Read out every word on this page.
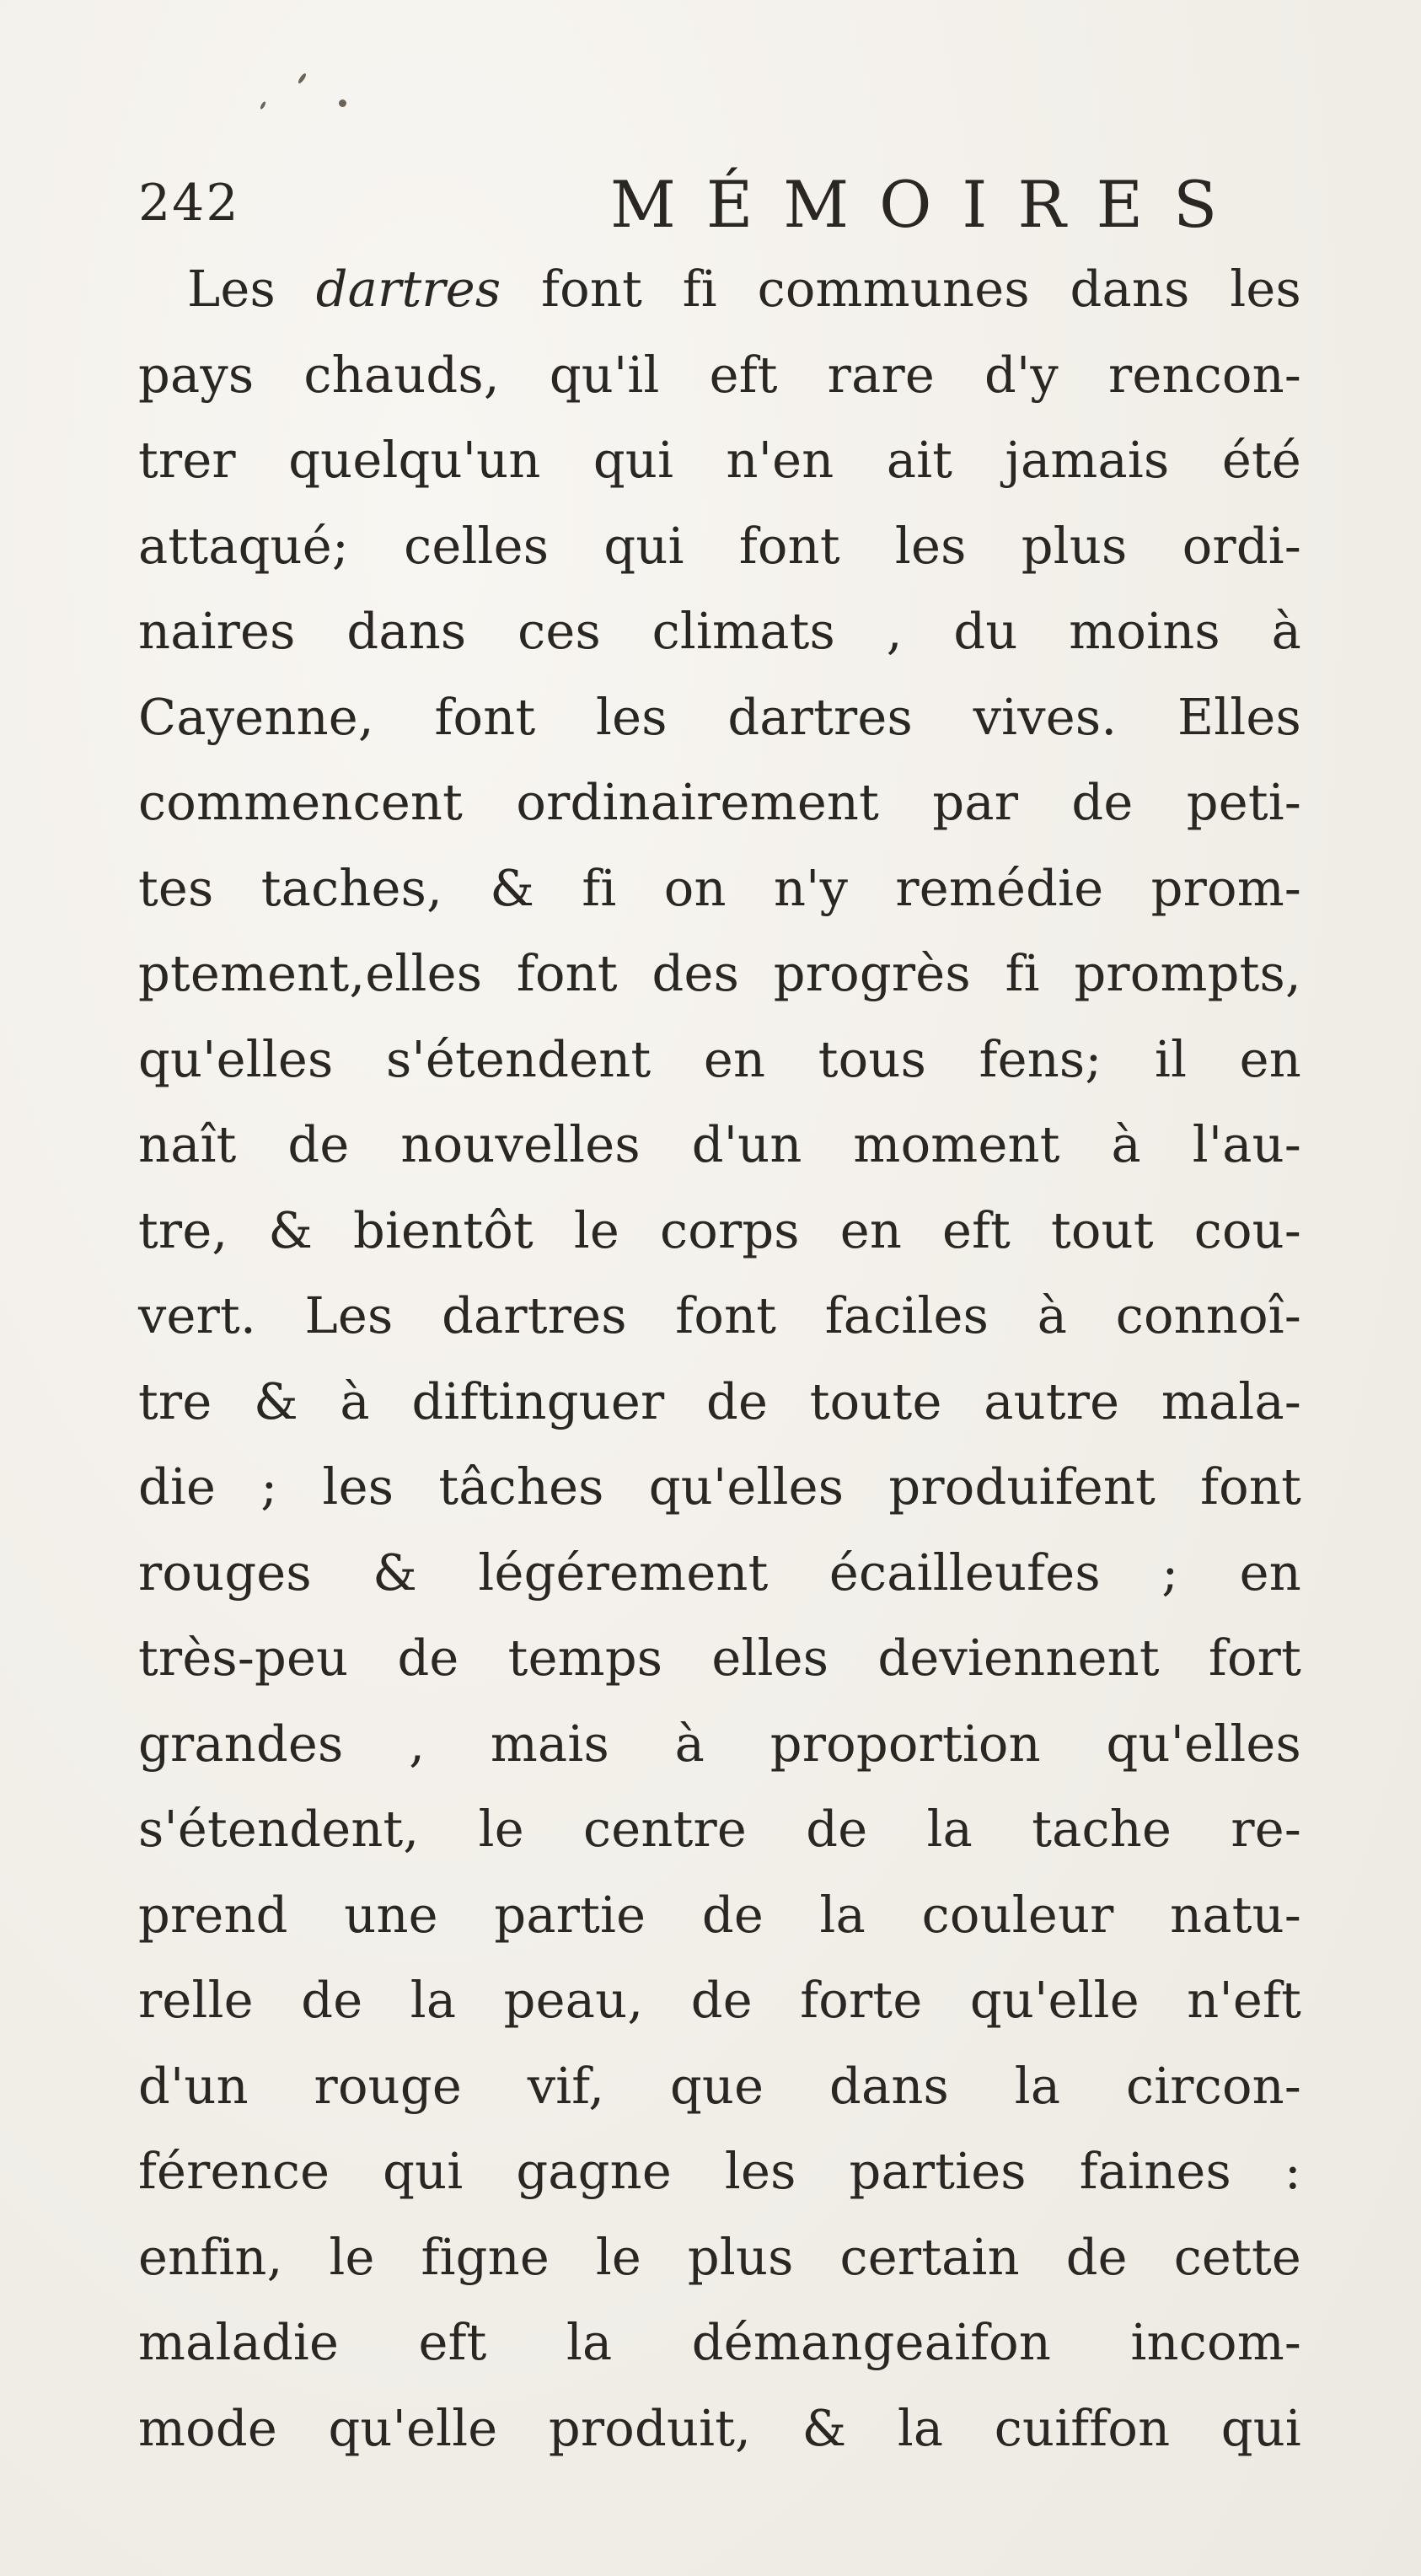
242	MÉMOIRES
Les dartres font fi communes dans les
pays chauds, qu'il eft rare d'y rencon-
trer quelqu'un qui n'en ait jamais été
attaqué; celles qui font les plus ordi-
naires dans ces climats , du moins à
Cayenne, font les dartres vives. Elles
commencent ordinairement par de peti-
tes taches, & fi on n'y remédie prom-
ptement,elles font des progrès fi prompts,
qu'elles s'étendent en tous fens; il en
naît de nouvelles d'un moment à l'au-
tre, & bientôt le corps en eft tout cou-
vert. Les dartres font faciles à connoî-
tre & à diftinguer de toute autre mala-
die ; les tâches qu'elles produifent font
rouges & légérement écailleufes ; en
très-peu de temps elles deviennent fort
grandes , mais à proportion qu'elles
s'étendent, le centre de la tache re-
prend une partie de la couleur natu-
relle de la peau, de forte qu'elle n'eft
d'un rouge vif, que dans la circon-
férence qui gagne les parties faines :
enfin, le figne le plus certain de cette
maladie eft la démangeaifon incom-
mode qu'elle produit, & la cuiffon qui
